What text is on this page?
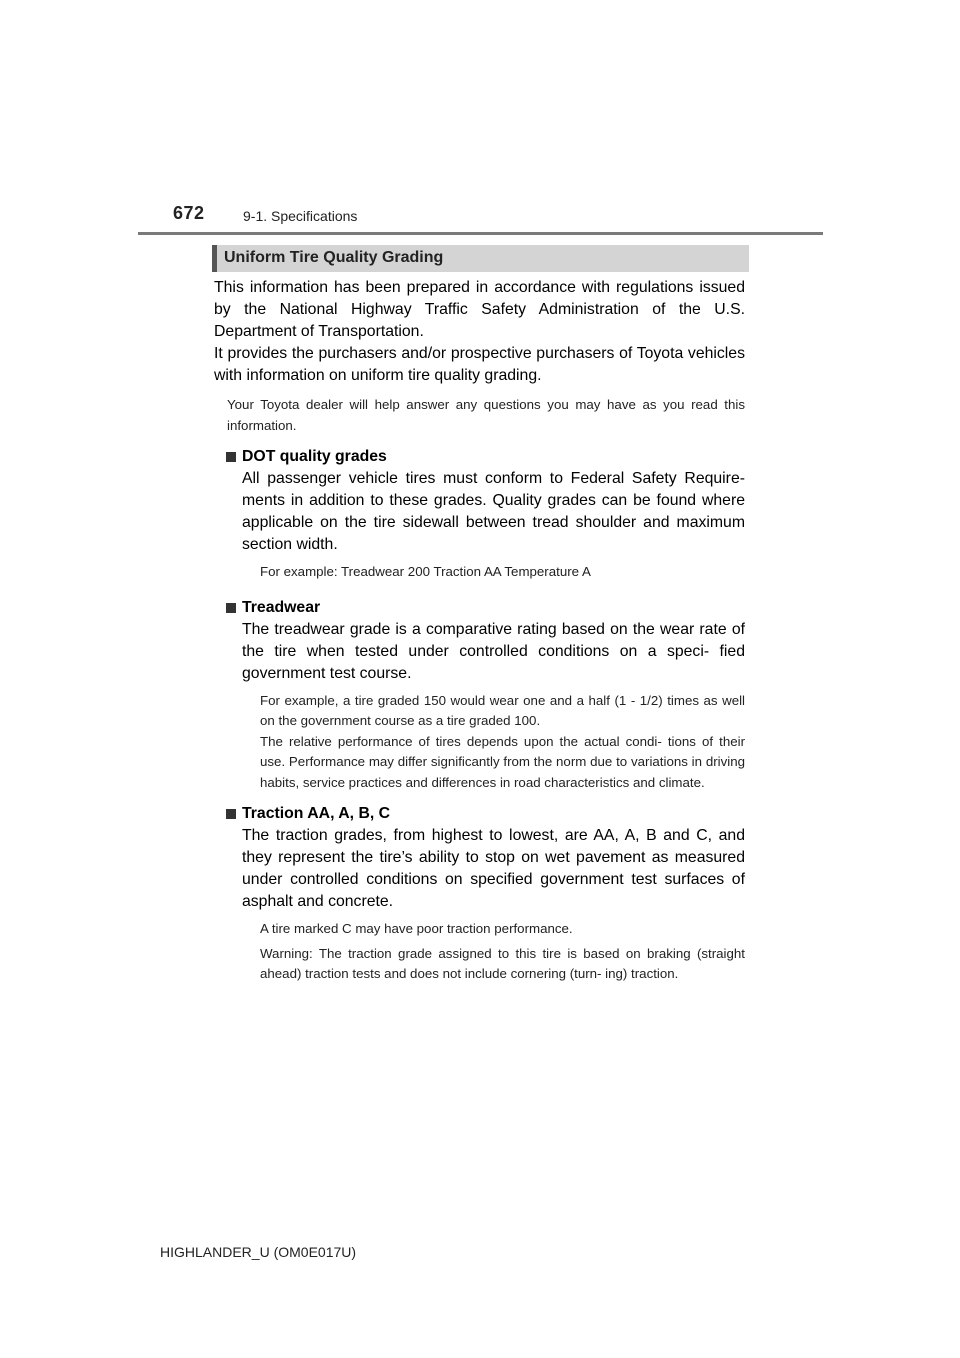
672	9-1. Specifications
Uniform Tire Quality Grading

This information has been prepared in accordance with regulations issued by the National Highway Traffic Safety Administration of the U.S. Department of Transportation.

It provides the purchasers and/or prospective purchasers of Toyota vehicles with information on uniform tire quality grading.

Your Toyota dealer will help answer any questions you may have as you read this information.

DOT quality grades

All passenger vehicle tires must conform to Federal Safety Require- ments in addition to these grades. Quality grades can be found where applicable on the tire sidewall between tread shoulder and maximum section width.

For example: Treadwear 200 Traction AA Temperature A

Treadwear

The treadwear grade is a comparative rating based on the wear rate of the tire when tested under controlled conditions on a speci- fied government test course.

For example, a tire graded 150 would wear one and a half (1 - 1/2) times as well on the government course as a tire graded 100.

The relative performance of tires depends upon the actual condi- tions of their use. Performance may differ significantly from the norm due to variations in driving habits, service practices and differences in road characteristics and climate.

Traction AA, A, B, C

The traction grades, from highest to lowest, are AA, A, B and C, and they represent the tire’s ability to stop on wet pavement as measured under controlled conditions on specified government test surfaces of asphalt and concrete.

A tire marked C may have poor traction performance.

Warning: The traction grade assigned to this tire is based on braking (straight ahead) traction tests and does not include cornering (turn- ing) traction.

HIGHLANDER_U (OM0E017U)
